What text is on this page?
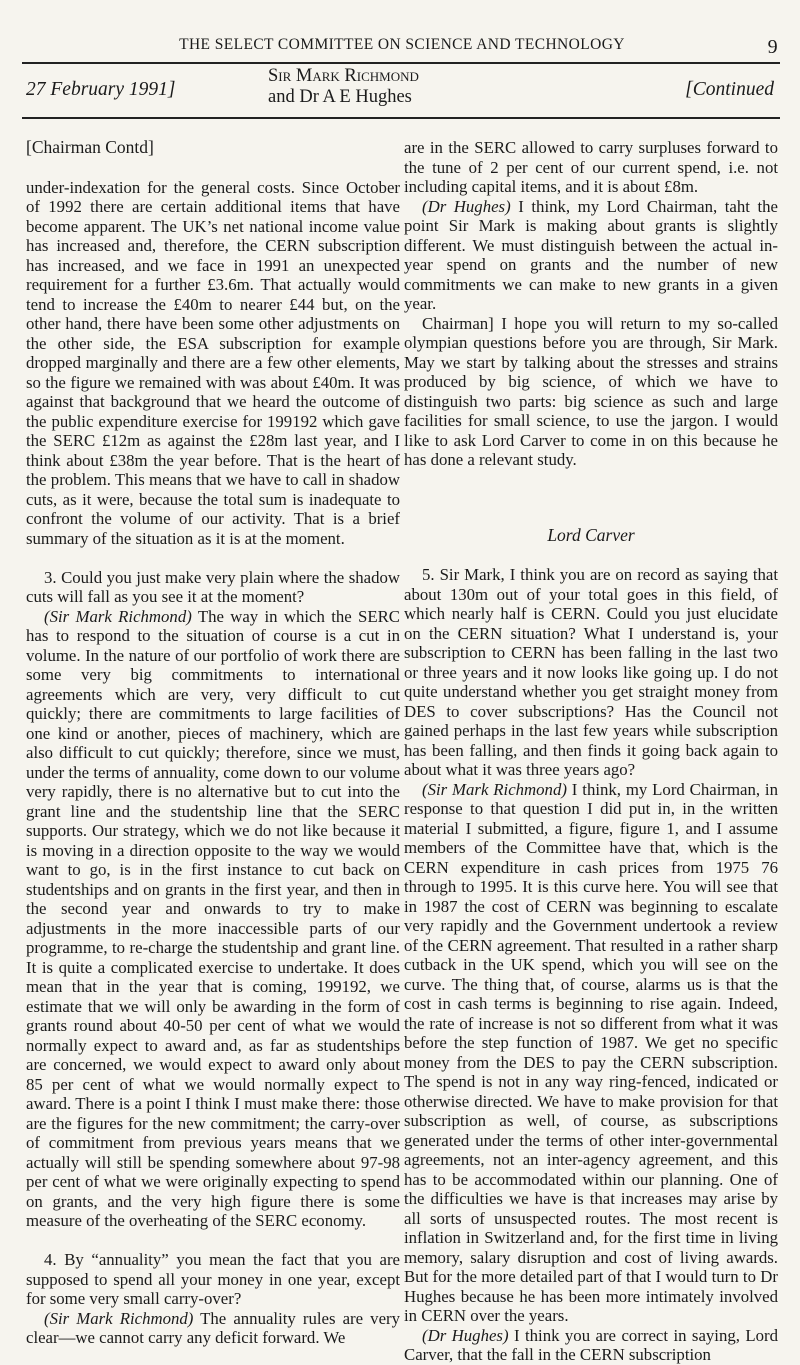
THE SELECT COMMITTEE ON SCIENCE AND TECHNOLOGY	9
27 February 1991]
Sir Mark Richmond
and Dr A E Hughes	[Continued
[Chairman Contd]

under-indexation for the general costs. Since October of 1992 there are certain additional items that have become apparent. The UK’s net national income value has increased and, therefore, the CERN subscription has increased, and we face in 1991 an unexpected requirement for a further £3.6m. That actually would tend to increase the £40m to nearer £44 but, on the other hand, there have been some other adjustments on the other side, the ESA subscription for example dropped marginally and there are a few other elements, so the figure we remained with was about £40m. It was against that background that we heard the outcome of the public expenditure exercise for 199192 which gave the SERC £12m as against the £28m last year, and I think about £38m the year before. That is the heart of the problem. This means that we have to call in shadow cuts, as it were, because the total sum is inadequate to confront the volume of our activity. That is a brief summary of the situation as it is at the moment.

3. Could you just make very plain where the shadow cuts will fall as you see it at the moment?

(Sir Mark Richmond) The way in which the SERC has to respond to the situation of course is a cut in volume. In the nature of our portfolio of work there are some very big commitments to international agreements which are very, very difficult to cut quickly; there are commitments to large facilities of one kind or another, pieces of machinery, which are also difficult to cut quickly; therefore, since we must, under the terms of annuality, come down to our volume very rapidly, there is no alternative but to cut into the grant line and the studentship line that the SERC supports. Our strategy, which we do not like because it is moving in a direction opposite to the way we would want to go, is in the first instance to cut back on studentships and on grants in the first year, and then in the second year and onwards to try to make adjustments in the more inaccessible parts of our programme, to re-charge the studentship and grant line. It is quite a complicated exercise to undertake. It does mean that in the year that is coming, 199192, we estimate that we will only be awarding in the form of grants round about 40-50 per cent of what we would normally expect to award and, as far as studentships are concerned, we would expect to award only about 85 per cent of what we would normally expect to award. There is a point I think I must make there: those are the figures for the new commitment; the carry-over of commitment from previous years means that we actually will still be spending somewhere about 97-98 per cent of what we were originally expecting to spend on grants, and the very high figure there is some measure of the overheating of the SERC economy.

4. By “annuality” you mean the fact that you are supposed to spend all your money in one year, except for some very small carry-over?

(Sir Mark Richmond) The annuality rules are very clear—we cannot carry any deficit forward. We

are in the SERC allowed to carry surpluses forward to the tune of 2 per cent of our current spend, i.e. not including capital items, and it is about £8m.

(Dr Hughes) I think, my Lord Chairman, taht the point Sir Mark is making about grants is slightly different. We must distinguish between the actual in-year spend on grants and the number of new commitments we can make to new grants in a given year.

Chairman] I hope you will return to my so-called olympian questions before you are through, Sir Mark. May we start by talking about the stresses and strains produced by big science, of which we have to distinguish two parts: big science as such and large facilities for small science, to use the jargon. I would like to ask Lord Carver to come in on this because he has done a relevant study.

Lord Carver

5. Sir Mark, I think you are on record as saying that about 130m out of your total goes in this field, of which nearly half is CERN. Could you just elucidate on the CERN situation? What I understand is, your subscription to CERN has been falling in the last two or three years and it now looks like going up. I do not quite understand whether you get straight money from DES to cover subscriptions? Has the Council not gained perhaps in the last few years while subscription has been falling, and then finds it going back again to about what it was three years ago?

(Sir Mark Richmond) I think, my Lord Chairman, in response to that question I did put in, in the written material I submitted, a figure, figure 1, and I assume members of the Committee have that, which is the CERN expenditure in cash prices from 1975 76 through to 1995. It is this curve here. You will see that in 1987 the cost of CERN was beginning to escalate very rapidly and the Government undertook a review of the CERN agreement. That resulted in a rather sharp cutback in the UK spend, which you will see on the curve. The thing that, of course, alarms us is that the cost in cash terms is beginning to rise again. Indeed, the rate of increase is not so different from what it was before the step function of 1987. We get no specific money from the DES to pay the CERN subscription. The spend is not in any way ring-fenced, indicated or otherwise directed. We have to make provision for that subscription as well, of course, as subscriptions generated under the terms of other inter-governmental agreements, not an inter-agency agreement, and this has to be accommodated within our planning. One of the difficulties we have is that increases may arise by all sorts of unsuspected routes. The most recent is inflation in Switzerland and, for the first time in living memory, salary disruption and cost of living awards. But for the more detailed part of that I would turn to Dr Hughes because he has been more intimately involved in CERN over the years.

(Dr Hughes) I think you are correct in saying, Lord Carver, that the fall in the CERN subscription
